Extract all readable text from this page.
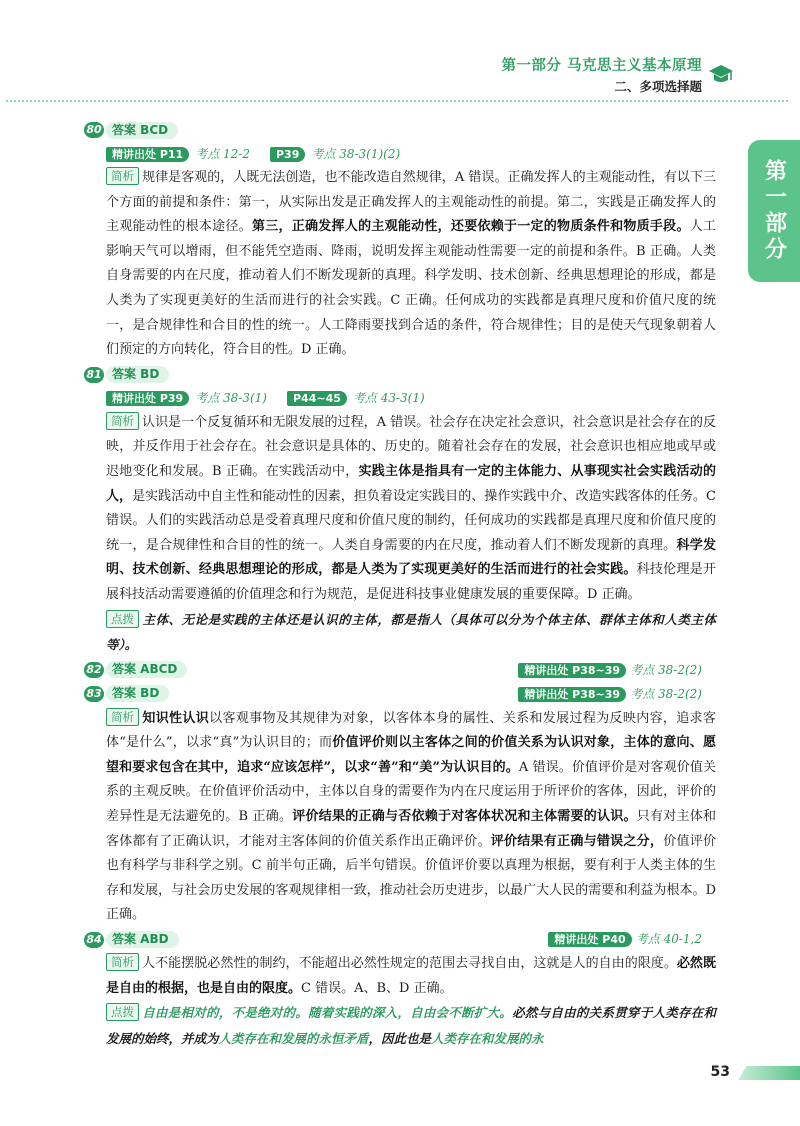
第一部分 马克思主义基本原理
二、多项选择题
第一部分
80 答案 BCD
精讲出处 P11	考点 12-2	P39	考点 38-3(1)(2)
简析 规律是客观的，人既无法创造，也不能改造自然规律，A 错误。正确发挥人的主观能动性，有以下三个方面的前提和条件：第一，从实际出发是正确发挥人的主观能动性的前提。第二，实践是正确发挥人的主观能动性的根本途径。第三，正确发挥人的主观能动性，还要依赖于一定的物质条件和物质手段。人工影响天气可以增雨，但不能凭空造雨、降雨，说明发挥主观能动性需要一定的前提和条件。B 正确。人类自身需要的内在尺度，推动着人们不断发现新的真理。科学发明、技术创新、经典思想理论的形成，都是人类为了实现更美好的生活而进行的社会实践。C 正确。任何成功的实践都是真理尺度和价值尺度的统一，是合规律性和合目的性的统一。人工降雨要找到合适的条件，符合规律性；目的是使天气现象朝着人们预定的方向转化，符合目的性。D 正确。
81 答案 BD
精讲出处 P39	考点 38-3(1)	P44~45	考点 43-3(1)
简析 认识是一个反复循环和无限发展的过程，A 错误。社会存在决定社会意识，社会意识是社会存在的反映，并反作用于社会存在。社会意识是具体的、历史的。随着社会存在的发展，社会意识也相应地或早或迟地变化和发展。B 正确。在实践活动中，实践主体是指具有一定的主体能力、从事现实社会实践活动的人，是实践活动中自主性和能动性的因素，担负着设定实践目的、操作实践中介、改造实践客体的任务。C 错误。人们的实践活动总是受着真理尺度和价值尺度的制约，任何成功的实践都是真理尺度和价值尺度的统一，是合规律性和合目的性的统一。人类自身需要的内在尺度，推动着人们不断发现新的真理。科学发明、技术创新、经典思想理论的形成，都是人类为了实现更美好的生活而进行的社会实践。科技伦理是开展科技活动需要遵循的价值理念和行为规范，是促进科技事业健康发展的重要保障。D 正确。
点拨 主体、无论是实践的主体还是认识的主体，都是指人（具体可以分为个体主体、群体主体和人类主体等）。
82 答案 ABCD	精讲出处 P38~39 考点 38-2(2)
83 答案 BD	精讲出处 P38~39 考点 38-2(2)
简析 知识性认识以客观事物及其规律为对象，以客体本身的属性、关系和发展过程为反映内容，追求客体“是什么”，以求“真”为认识目的；而价值评价则以主客体之间的价值关系为认识对象，主体的意向、愿望和要求包含在其中，追求“应该怎样”，以求“善”和“美”为认识目的。A 错误。价值评价是对客观价值关系的主观反映。在价值评价活动中，主体以自身的需要作为内在尺度运用于所评价的客体，因此，评价的差异性是无法避免的。B 正确。评价结果的正确与否依赖于对客体状况和主体需要的认识。只有对主体和客体都有了正确认识，才能对主客体间的价值关系作出正确评价。评价结果有正确与错误之分，价值评价也有科学与非科学之别。C 前半句正确，后半句错误。价值评价要以真理为根据，要有利于人类主体的生存和发展，与社会历史发展的客观规律相一致，推动社会历史进步，以最广大人民的需要和利益为根本。D 正确。
84 答案 ABD	精讲出处 P40 考点 40-1,2
简析 人不能摆脱必然性的制约，不能超出必然性规定的范围去寻找自由，这就是人的自由的限度。必然既是自由的根据，也是自由的限度。C 错误。A、B、D 正确。
点拨 自由是相对的，不是绝对的。随着实践的深入，自由会不断扩大。必然与自由的关系贯穿于人类存在和发展的始终，并成为人类存在和发展的永恒矛盾，因此也是人类存在和发展的永
53
